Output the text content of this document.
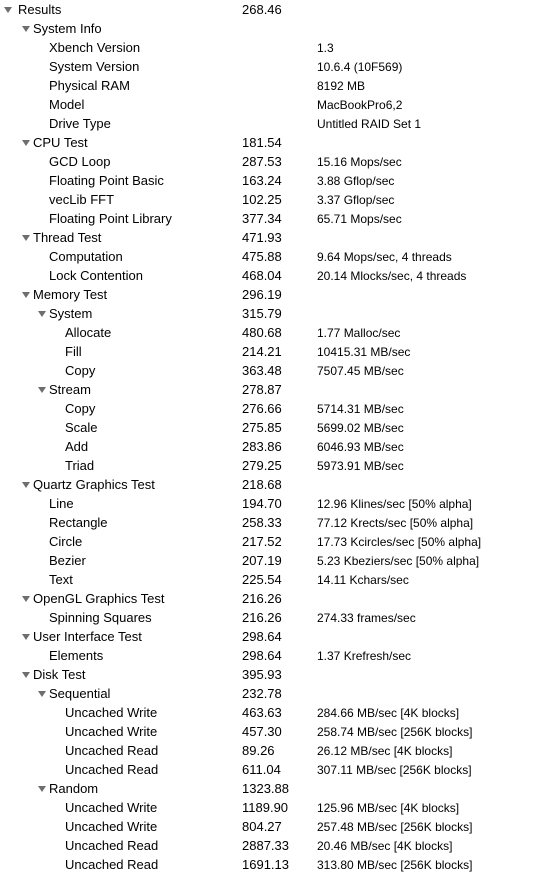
Results	268.46
System Info
Xbench Version	1.3
System Version	10.6.4 (10F569)
Physical RAM	8192 MB
Model	MacBookPro6,2
Drive Type	Untitled RAID Set 1
CPU Test	181.54
GCD Loop	287.53	15.16 Mops/sec
Floating Point Basic	163.24	3.88 Gflop/sec
vecLib FFT	102.25	3.37 Gflop/sec
Floating Point Library	377.34	65.71 Mops/sec
Thread Test	471.93
Computation	475.88	9.64 Mops/sec, 4 threads
Lock Contention	468.04	20.14 Mlocks/sec, 4 threads
Memory Test	296.19
System	315.79
Allocate	480.68	1.77 Malloc/sec
Fill	214.21	10415.31 MB/sec
Copy	363.48	7507.45 MB/sec
Stream	278.87
Copy	276.66	5714.31 MB/sec
Scale	275.85	5699.02 MB/sec
Add	283.86	6046.93 MB/sec
Triad	279.25	5973.91 MB/sec
Quartz Graphics Test	218.68
Line	194.70	12.96 Klines/sec [50% alpha]
Rectangle	258.33	77.12 Krects/sec [50% alpha]
Circle	217.52	17.73 Kcircles/sec [50% alpha]
Bezier	207.19	5.23 Kbeziers/sec [50% alpha]
Text	225.54	14.11 Kchars/sec
OpenGL Graphics Test	216.26
Spinning Squares	216.26	274.33 frames/sec
User Interface Test	298.64
Elements	298.64	1.37 Krefresh/sec
Disk Test	395.93
Sequential	232.78
Uncached Write	463.63	284.66 MB/sec [4K blocks]
Uncached Write	457.30	258.74 MB/sec [256K blocks]
Uncached Read	89.26	26.12 MB/sec [4K blocks]
Uncached Read	611.04	307.11 MB/sec [256K blocks]
Random	1323.88
Uncached Write	1189.90 125.96 MB/sec [4K blocks]
Uncached Write	804.27	257.48 MB/sec [256K blocks]
Uncached Read	2887.33 20.46 MB/sec [4K blocks]
Uncached Read	1691.13 313.80 MB/sec [256K blocks]
